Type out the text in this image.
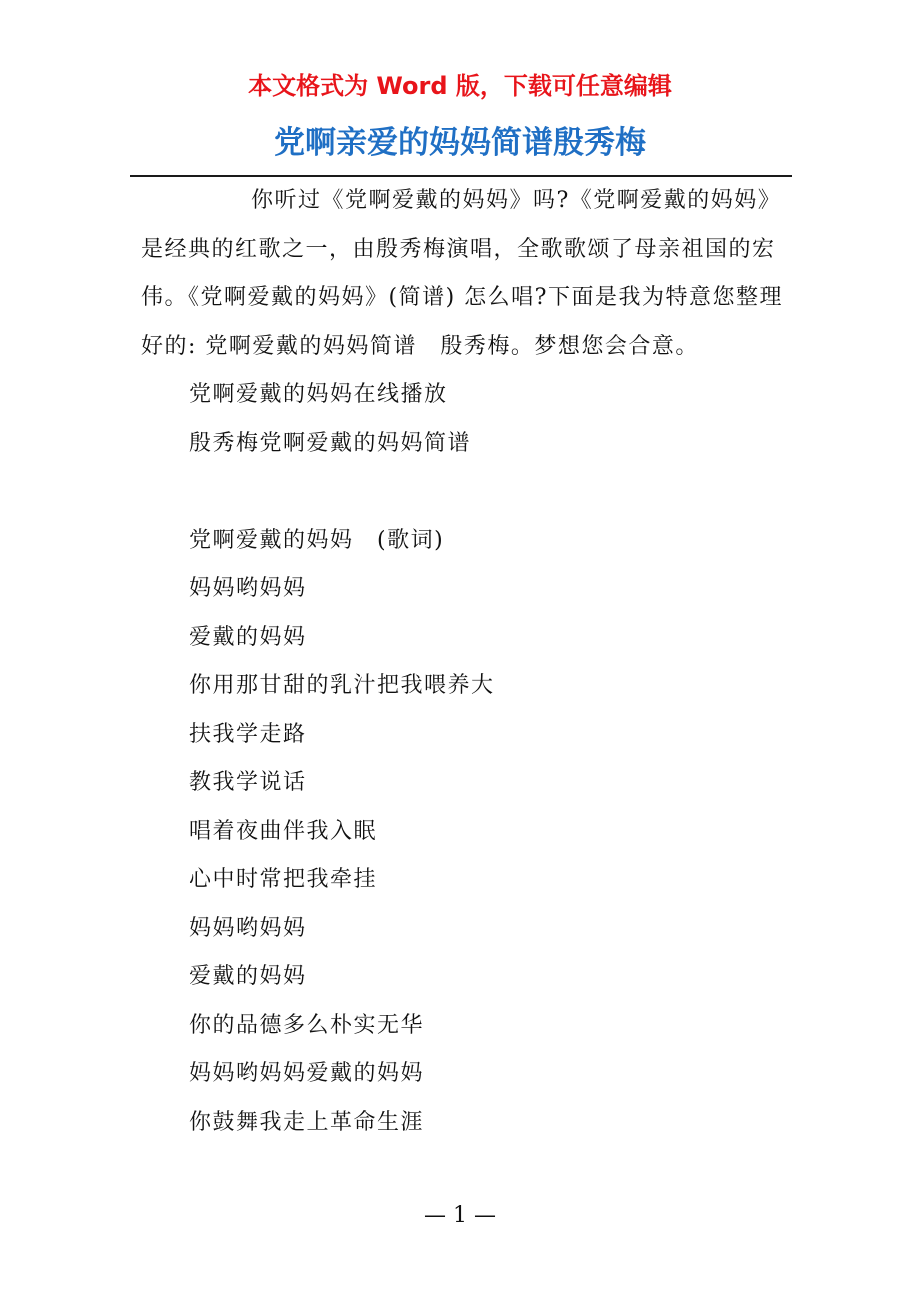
本文格式为 Word 版，下载可任意编辑

党啊亲爱的妈妈简谱殷秀梅

你听过《党啊爱戴的妈妈》吗?《党啊爱戴的妈妈》是经典的红歌之一，由殷秀梅演唱，全歌歌颂了母亲祖国的宏伟。《党啊爱戴的妈妈》(简谱) 怎么唱?下面是我为特意您整理好的: 党啊爱戴的妈妈简谱　殷秀梅。梦想您会合意。

党啊爱戴的妈妈在线播放
殷秀梅党啊爱戴的妈妈简谱
党啊爱戴的妈妈　(歌词)
妈妈哟妈妈
爱戴的妈妈
你用那甘甜的乳汁把我喂养大
扶我学走路
教我学说话
唱着夜曲伴我入眠
心中时常把我牵挂
妈妈哟妈妈
爱戴的妈妈
你的品德多么朴实无华
妈妈哟妈妈爱戴的妈妈
你鼓舞我走上革命生涯

— 1 —
